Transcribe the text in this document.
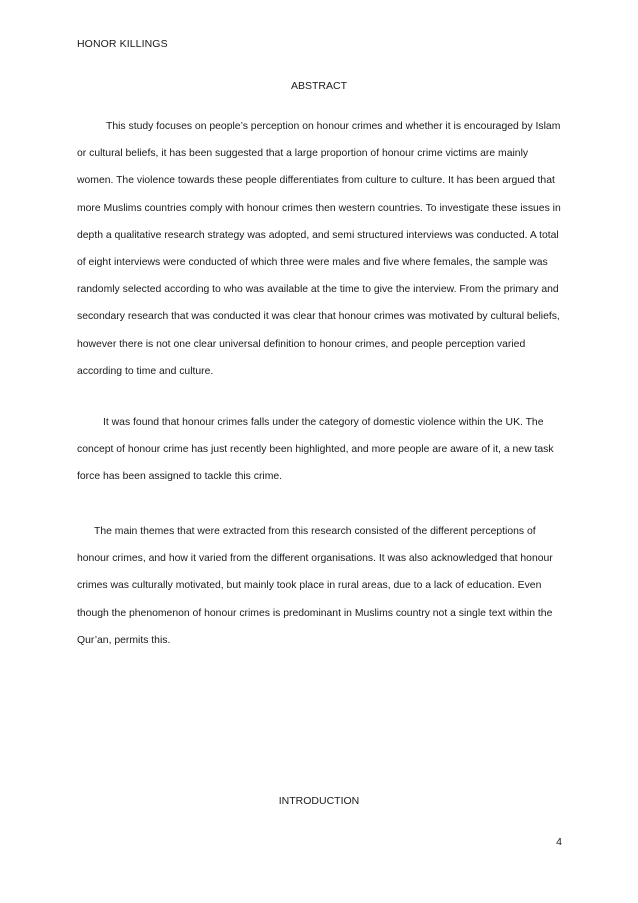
HONOR KILLINGS
ABSTRACT

This study focuses on people’s perception on honour crimes and whether it is encouraged by Islam or cultural beliefs, it has been suggested that a large proportion of honour crime victims are mainly women. The violence towards these people differentiates from culture to culture. It has been argued that more Muslims countries comply with honour crimes then western countries. To investigate these issues in depth a qualitative research strategy was adopted, and semi structured interviews was conducted. A total of eight interviews were conducted of which three were males and five where females, the sample was randomly selected according to who was available at the time to give the interview. From the primary and secondary research that was conducted it was clear that honour crimes was motivated by cultural beliefs, however there is not one clear universal definition to honour crimes, and people perception varied according to time and culture.

It was found that honour crimes falls under the category of domestic violence within the UK. The concept of honour crime has just recently been highlighted, and more people are aware of it, a new task force has been assigned to tackle this crime.

The main themes that were extracted from this research consisted of the different perceptions of honour crimes, and how it varied from the different organisations. It was also acknowledged that honour crimes was culturally motivated, but mainly took place in rural areas, due to a lack of education. Even though the phenomenon of honour crimes is predominant in Muslims country not a single text within the Qur’an, permits this.

INTRODUCTION
4
